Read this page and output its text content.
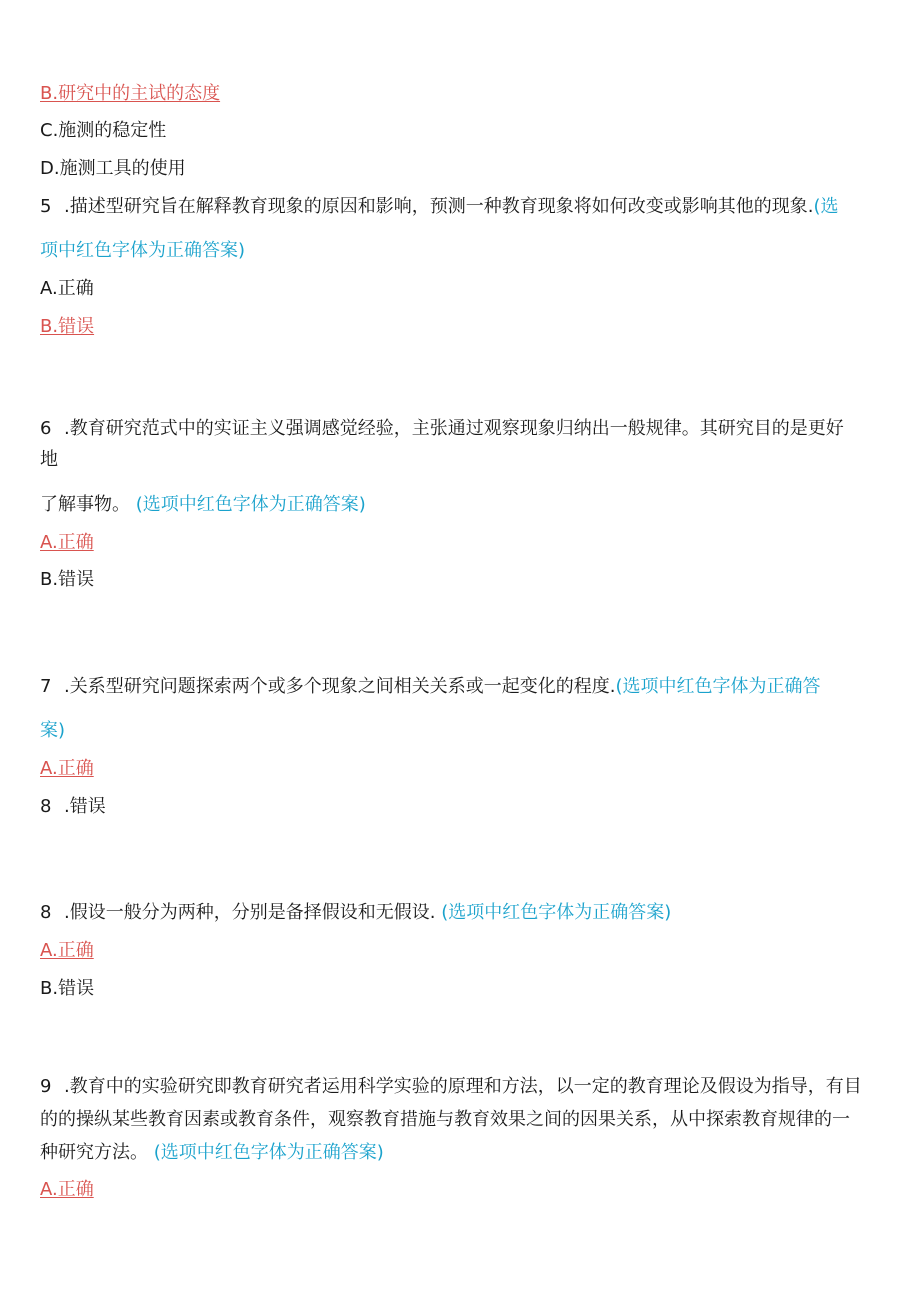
B.研究中的主试的态度
C.施测的稳定性
D.施测工具的使用
5 .描述型研究旨在解释教育现象的原因和影响，预测一种教育现象将如何改变或影响其他的现象.(选
项中红色字体为正确答案)
A.正确
B.错误
6 .教育研究范式中的实证主义强调感觉经验，主张通过观察现象归纳出一般规律。其研究目的是更好
地
了解事物。 (选项中红色字体为正确答案)
A.正确
B.错误
7 .关系型研究问题探索两个或多个现象之间相关关系或一起变化的程度.(选项中红色字体为正确答
案)
A.正确
8 .错误
8 .假设一般分为两种，分别是备择假设和无假设. (选项中红色字体为正确答案)
A.正确
B.错误
9 .教育中的实验研究即教育研究者运用科学实验的原理和方法，以一定的教育理论及假设为指导，有目
的的操纵某些教育因素或教育条件，观察教育措施与教育效果之间的因果关系，从中探索教育规律的一
种研究方法。 (选项中红色字体为正确答案)
A.正确
